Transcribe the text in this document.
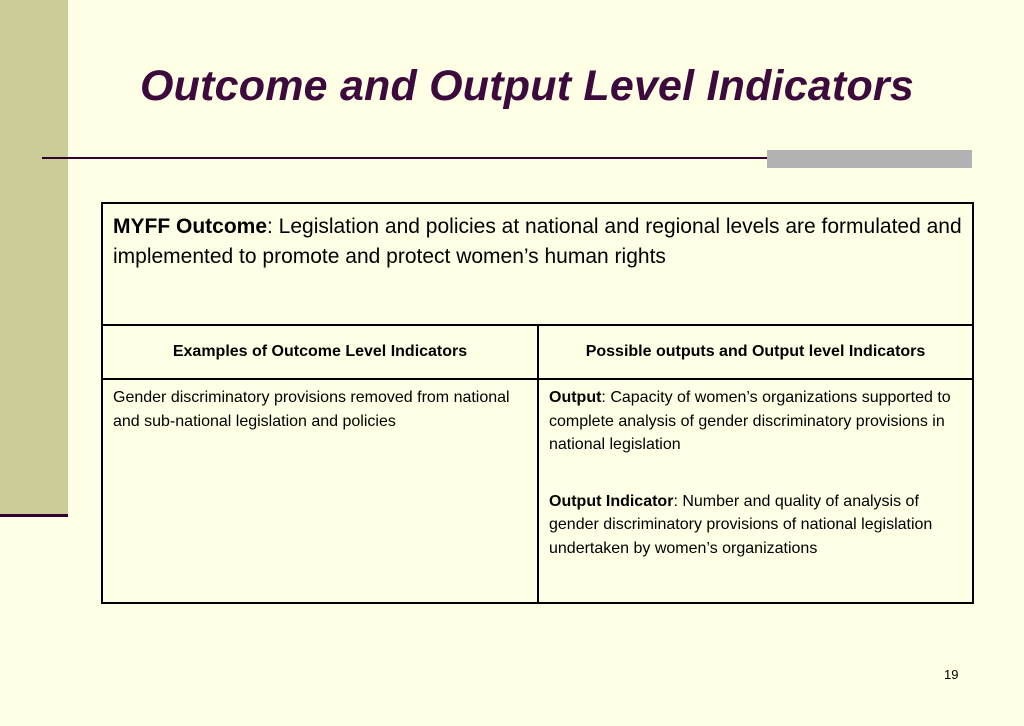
Outcome and Output Level Indicators
MYFF Outcome: Legislation and policies at national and regional levels are formulated and implemented to promote and protect women’s human rights	
Examples of Outcome Level Indicators	Possible outputs and Output level Indicators
Gender discriminatory provisions removed from national and sub-national legislation and policies	Output: Capacity of women’s organizations supported to complete analysis of gender discriminatory provisions in national legislation
Output Indicator: Number and quality of analysis of gender discriminatory provisions of national legislation undertaken by women’s organizations
19
